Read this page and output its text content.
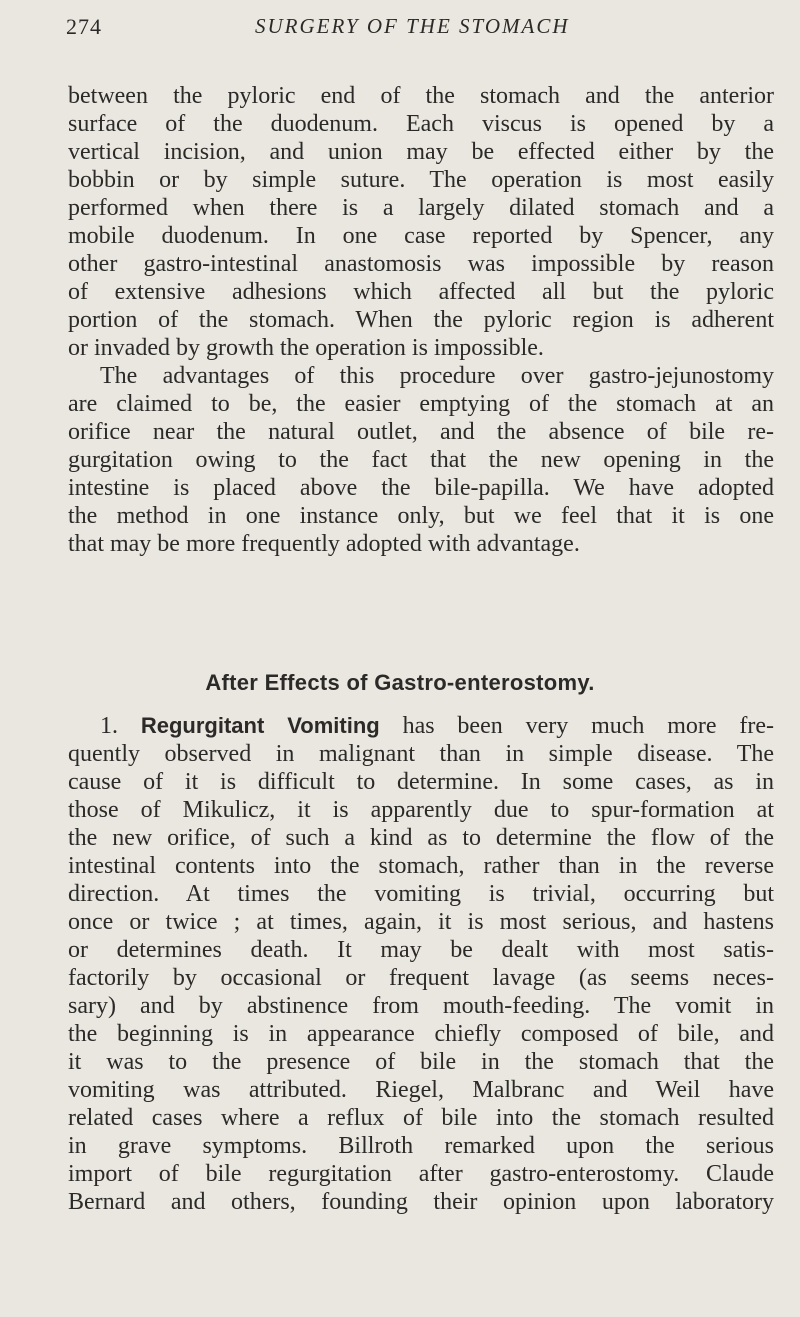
274	SURGERY OF THE STOMACH
between the pyloric end of the stomach and the anterior
surface of the duodenum. Each viscus is opened by a
vertical incision, and union may be effected either by the
bobbin or by simple suture. The operation is most easily
performed when there is a largely dilated stomach and a
mobile duodenum. In one case reported by Spencer, any
other gastro-intestinal anastomosis was impossible by reason
of extensive adhesions which affected all but the pyloric
portion of the stomach. When the pyloric region is adherent
or invaded by growth the operation is impossible.
The advantages of this procedure over gastro-jejunostomy
are claimed to be, the easier emptying of the stomach at an
orifice near the natural outlet, and the absence of bile re-
gurgitation owing to the fact that the new opening in the
intestine is placed above the bile-papilla. We have adopted
the method in one instance only, but we feel that it is one
that may be more frequently adopted with advantage.
After Effects of Gastro-enterostomy.
1. Regurgitant Vomiting has been very much more fre-
quently observed in malignant than in simple disease. The
cause of it is difficult to determine. In some cases, as in
those of Mikulicz, it is apparently due to spur-formation at
the new orifice, of such a kind as to determine the flow of the
intestinal contents into the stomach, rather than in the reverse
direction. At times the vomiting is trivial, occurring but
once or twice ; at times, again, it is most serious, and hastens
or determines death. It may be dealt with most satis-
factorily by occasional or frequent lavage (as seems neces-
sary) and by abstinence from mouth-feeding. The vomit in
the beginning is in appearance chiefly composed of bile, and
it was to the presence of bile in the stomach that the
vomiting was attributed. Riegel, Malbranc and Weil have
related cases where a reflux of bile into the stomach resulted
in grave symptoms. Billroth remarked upon the serious
import of bile regurgitation after gastro-enterostomy. Claude
Bernard and others, founding their opinion upon laboratory
